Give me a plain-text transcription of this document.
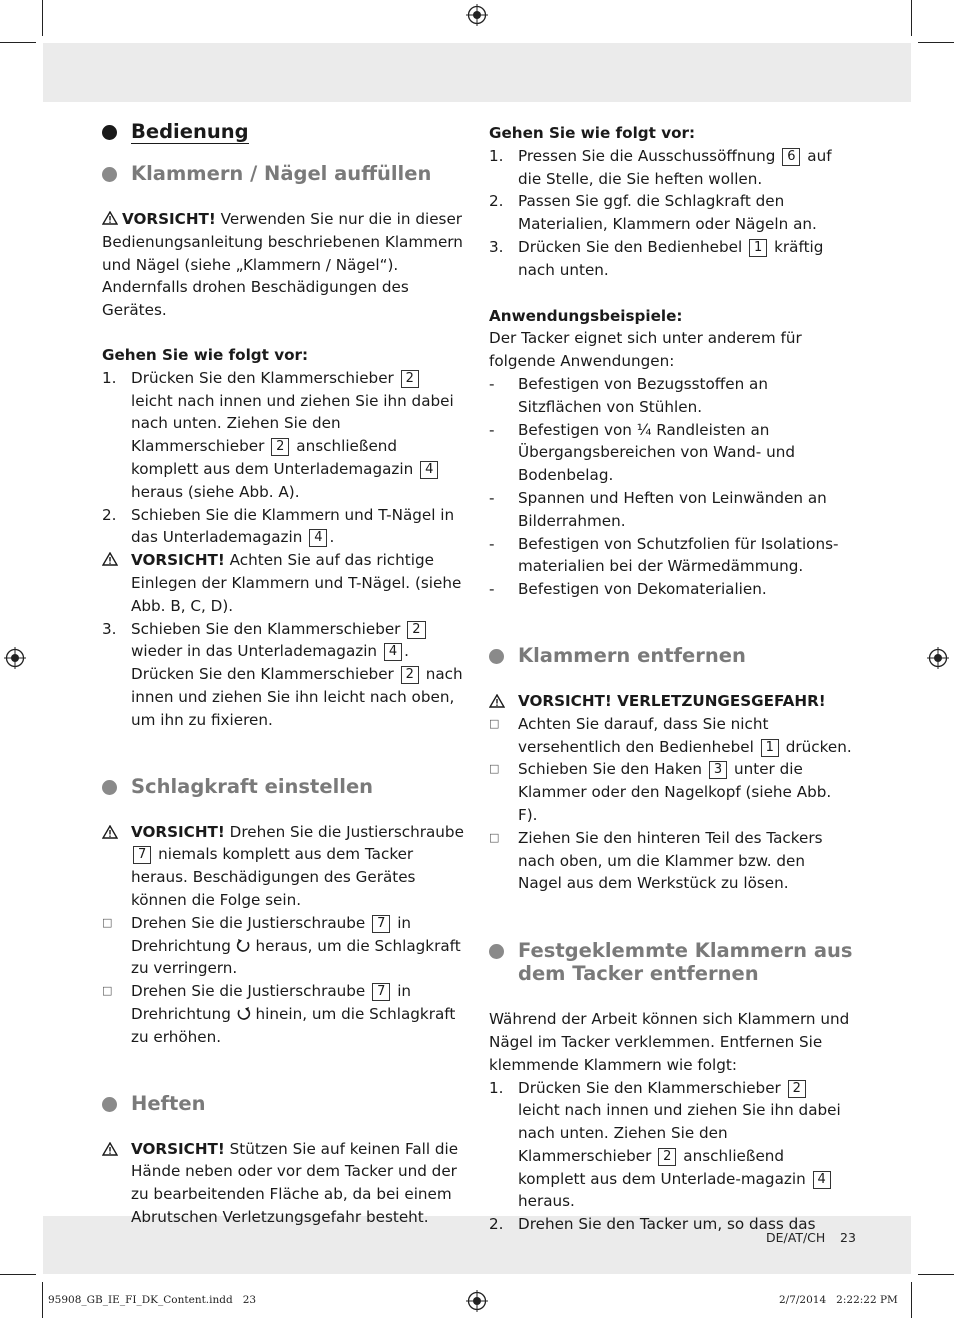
Bedienung
Klammern / Nägel auffüllen

VORSICHT! Verwenden Sie nur die in dieser Bedienungsanleitung beschriebenen Klammern und Nägel (siehe „Klammern / Nägel“). Andernfalls drohen Beschädigungen des Gerätes.

Gehen Sie wie folgt vor:

1. Drücken Sie den Klammerschieber 2 leicht nach innen und ziehen Sie ihn dabei nach unten. Ziehen Sie den Klammerschieber 2 anschließend komplett aus dem Unterlademagazin 4 heraus (siehe Abb. A).
2. Schieben Sie die Klammern und T-Nägel in das Unterlademagazin 4 .
VORSICHT! Achten Sie auf das richtige Einlegen der Klammern und T-Nägel. (siehe Abb. B, C, D).
3. Schieben Sie den Klammerschieber 2 wieder in das Unterlademagazin 4 . Drücken Sie den Klammerschieber 2 nach innen und ziehen Sie ihn leicht nach oben, um ihn zu fixieren.
Schlagkraft einstellen
VORSICHT! Drehen Sie die Justierschraube 7 niemals komplett aus dem Tacker heraus. Beschädigungen des Gerätes können die Folge sein.
□ Drehen Sie die Justierschraube 7 in Drehrichtung  heraus, um die Schlagkraft zu verringern.
□ Drehen Sie die Justierschraube 7 in Drehrichtung  hinein, um die Schlagkraft zu erhöhen.
Heften
VORSICHT! Stützen Sie auf keinen Fall die Hände neben oder vor dem Tacker und der zu bearbeitenden Fläche ab, da bei einem Abrutschen Verletzungsgefahr besteht.

Gehen Sie wie folgt vor:

1. Pressen Sie die Ausschussöffnung 6 auf die Stelle, die Sie heften wollen.
2. Passen Sie ggf. die Schlagkraft den Materialien, Klammern oder Nägeln an.
3. Drücken Sie den Bedienhebel 1 kräftig nach unten.

Anwendungsbeispiele:

Der Tacker eignet sich unter anderem für folgende Anwendungen:

- Befestigen von Bezugsstoffen an Sitzflächen von Stühlen.
- Befestigen von ¼ Randleisten an Übergangsbereichen von Wand- und Bodenbelag.
- Spannen und Heften von Leinwänden an Bilderrahmen.
- Befestigen von Schutzfolien für Isolations-materialien bei der Wärmedämmung.
- Befestigen von Dekomaterialien.
Klammern entfernen
VORSICHT! VERLETZUNGESGEFAHR!
□ Achten Sie darauf, dass Sie nicht versehentlich den Bedienhebel 1 drücken.
□ Schieben Sie den Haken 3 unter die Klammer oder den Nagelkopf (siehe Abb. F).
□ Ziehen Sie den hinteren Teil des Tackers nach oben, um die Klammer bzw. den Nagel aus dem Werkstück zu lösen.
Festgeklemmte Klammern aus dem Tacker entfernen

Während der Arbeit können sich Klammern und Nägel im Tacker verklemmen. Entfernen Sie klemmende Klammern wie folgt:

1. Drücken Sie den Klammerschieber 2 leicht nach innen und ziehen Sie ihn dabei nach unten. Ziehen Sie den Klammerschieber 2 anschließend komplett aus dem Unterlade-magazin 4 heraus.
2. Drehen Sie den Tacker um, so dass das
DE/AT/CH 23
95908_GB_IE_FI_DK_Content.indd   23	2/7/2014   2:22:22 PM
